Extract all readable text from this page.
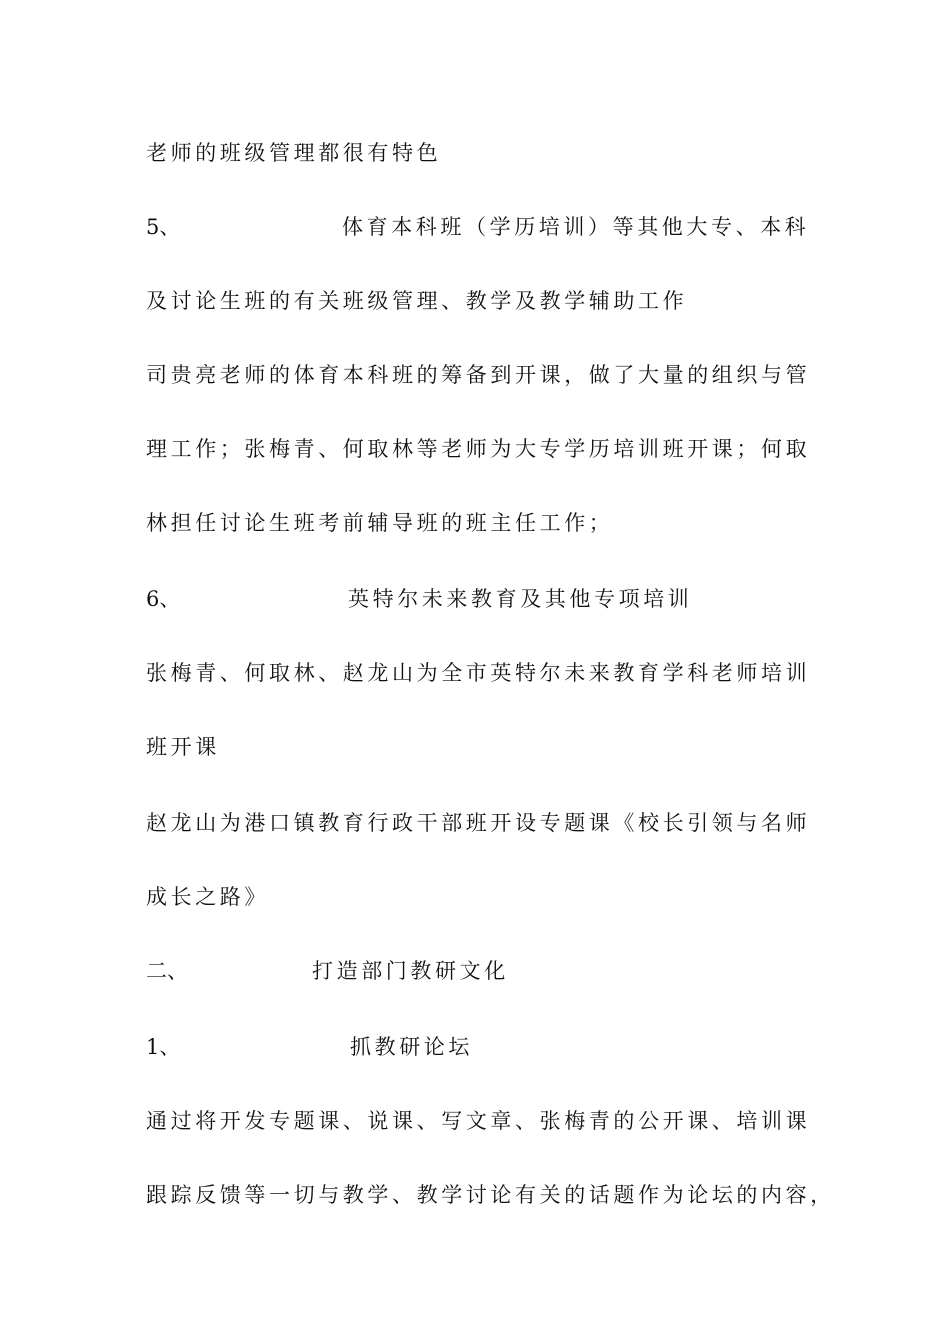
老师的班级管理都很有特色

5、	体育本科班（学历培训）等其他大专、本科

及讨论生班的有关班级管理、教学及教学辅助工作

司贵亮老师的体育本科班的筹备到开课，做了大量的组织与管

理工作；张梅青、何取林等老师为大专学历培训班开课；何取

林担任讨论生班考前辅导班的班主任工作；

6、	英特尔未来教育及其他专项培训

张梅青、何取林、赵龙山为全市英特尔未来教育学科老师培训

班开课

赵龙山为港口镇教育行政干部班开设专题课《校长引领与名师

成长之路》

二、	打造部门教研文化
1、	抓教研论坛

通过将开发专题课、说课、写文章、张梅青的公开课、培训课

跟踪反馈等一切与教学、教学讨论有关的话题作为论坛的内容，
